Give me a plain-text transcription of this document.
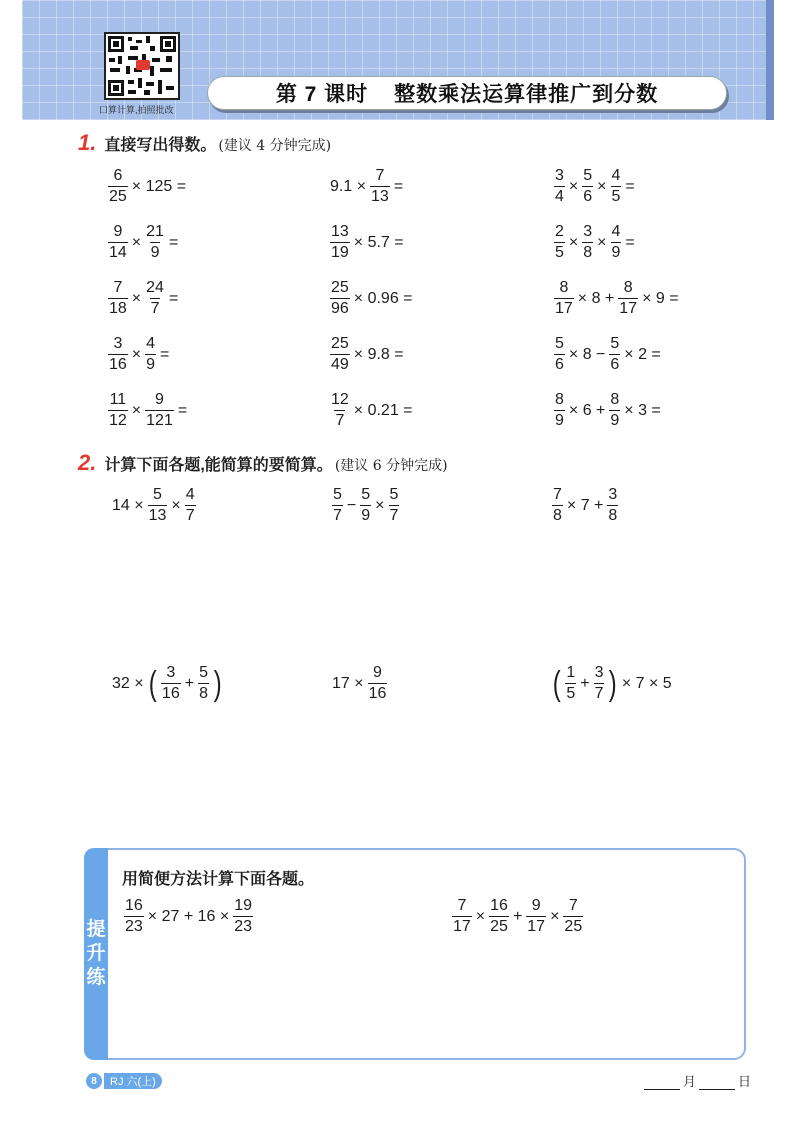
口算计算,拍照批改
第 7 课时 整数乘法运算律推广到分数
1. 直接写出得数。 (建议 4 分钟完成)
2. 计算下面各题,能简算的要简算。 (建议 6 分钟完成)
提
升
练
用简便方法计算下面各题。
8	RJ 六(上)	月	日
$\frac{6}{25} \times 125$ =	$9.1 \times \frac{7}{13}$ =	$\frac{3}{4} \times \frac{5}{6} \times \frac{4}{5}$ =
$\frac{9}{14} \times \frac{21}{9}$ =	$\frac{13}{19} \times 5.7$ =	$\frac{2}{5} \times \frac{3}{8} \times \frac{4}{9}$ =
$\frac{7}{18} \times \frac{24}{7}$ =	$\frac{25}{96} \times 0.96$ =	$\frac{8}{17} \times 8 + \frac{8}{17} \times 9$ =
$\frac{3}{16} \times \frac{4}{9}$ =	$\frac{25}{49} \times 9.8$ =	$\frac{5}{6} \times 8 - \frac{5}{6} \times 2$ =
$\frac{11}{12} \times \frac{9}{121}$ =	$\frac{12}{7} \times 0.21$ =	$\frac{8}{9} \times 6 + \frac{8}{9} \times 3$ =
$14 \times \frac{5}{13} \times \frac{4}{7}$	$\frac{5}{7} - \frac{5}{9} \times \frac{5}{7}$	$\frac{7}{8} \times 7 + \frac{3}{8}$
32 × ( $\frac{3}{16} + \frac{5}{8}$ )	$17 \times \frac{9}{16}$	( $\frac{1}{5} + \frac{3}{7}$ ) × 7 × 5
$\frac{16}{23} \times 27 + 16 \times \frac{19}{23}$	$\frac{7}{17} \times \frac{16}{25} + \frac{9}{17} \times \frac{7}{25}$
